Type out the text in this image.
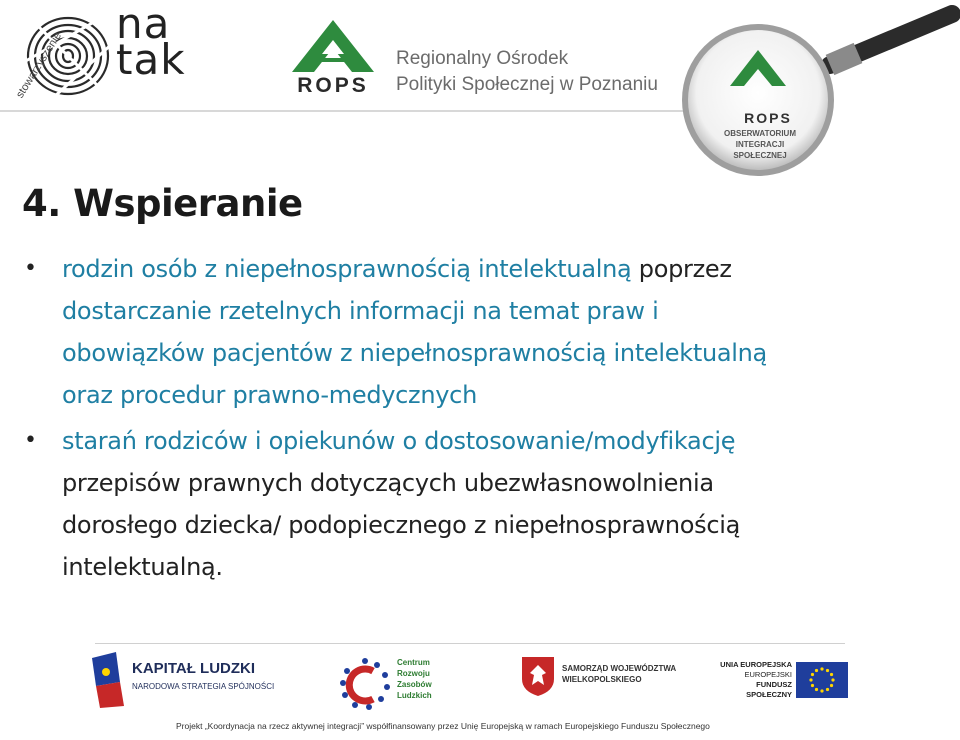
stowarzyszenie
na
tak
ROPS
Regionalny Ośrodek
Polityki Społecznej w Poznaniu
ROPS
OBSERWATORIUM
INTEGRACJI
SPOŁECZNEJ
4. Wspieranie
• rodzin osób z niepełnosprawnością intelektualną poprzez
dostarczanie rzetelnych informacji na temat praw i
obowiązków pacjentów z niepełnosprawnością intelektualną
oraz procedur prawno-medycznych
• starań rodziców i opiekunów o dostosowanie/modyfikację
przepisów prawnych dotyczących ubezwłasnowolnienia
dorosłego dziecka/ podopiecznego z niepełnosprawnością
intelektualną.
KAPITAŁ LUDZKI
NARODOWA STRATEGIA SPÓJNOŚCI
Centrum
Rozwoju
Zasobów
Ludzkich
SAMORZĄD WOJEWÓDZTWA
WIELKOPOLSKIEGO
UNIA EUROPEJSKA
EUROPEJSKI
FUNDUSZ SPOŁECZNY
Projekt „Koordynacja na rzecz aktywnej integracji” współfinansowany przez Unię Europejską w ramach Europejskiego Funduszu Społecznego
